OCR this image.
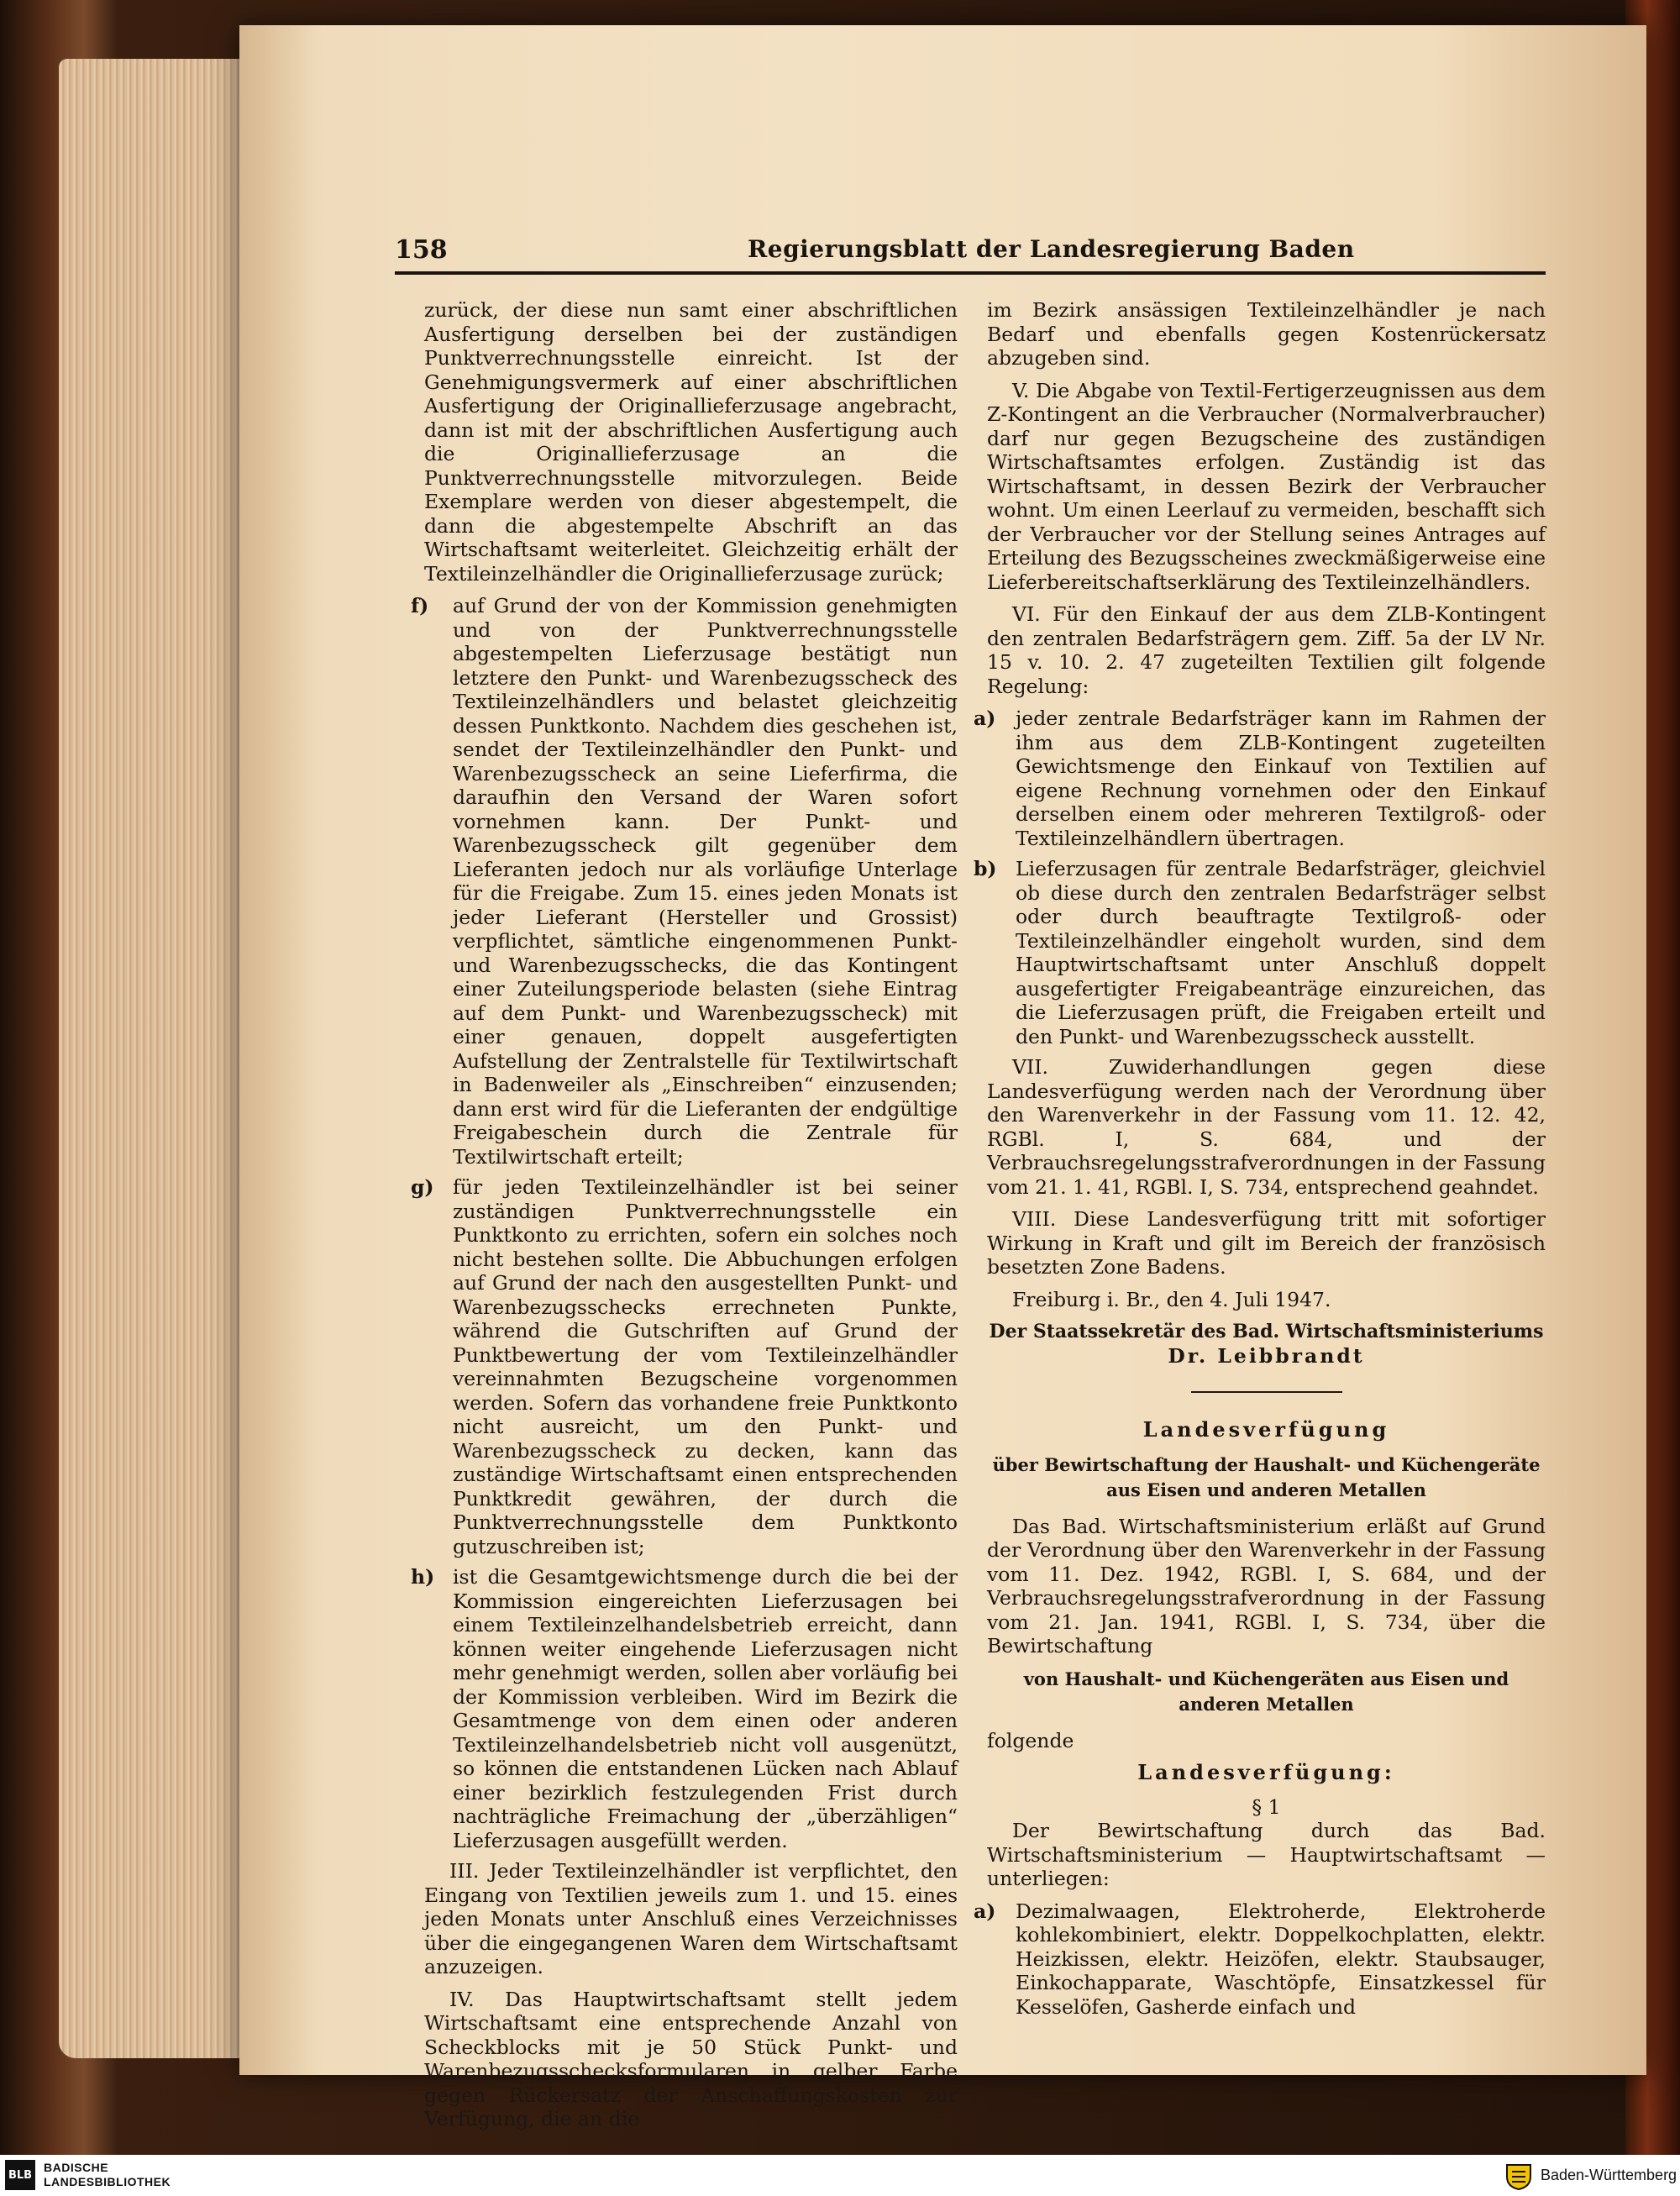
158	Regierungsblatt der Landesregierung Baden

zurück, der diese nun samt einer abschriftlichen Ausfertigung derselben bei der zuständigen Punktverrechnungsstelle einreicht. Ist der Genehmigungsvermerk auf einer abschriftlichen Ausfertigung der Originallieferzusage angebracht, dann ist mit der abschriftlichen Ausfertigung auch die Originallieferzusage an die Punktverrechnungsstelle mitvorzulegen. Beide Exemplare werden von dieser abgestempelt, die dann die abgestempelte Abschrift an das Wirtschaftsamt weiterleitet. Gleichzeitig erhält der Textileinzelhändler die Originallieferzusage zurück;

f) auf Grund der von der Kommission genehmigten und von der Punktverrechnungsstelle abgestempelten Lieferzusage bestätigt nun letztere den Punkt- und Warenbezugsscheck des Textileinzelhändlers und belastet gleichzeitig dessen Punktkonto. Nachdem dies geschehen ist, sendet der Textileinzelhändler den Punkt- und Warenbezugsscheck an seine Lieferfirma, die daraufhin den Versand der Waren sofort vornehmen kann. Der Punkt- und Warenbezugsscheck gilt gegenüber dem Lieferanten jedoch nur als vorläufige Unterlage für die Freigabe. Zum 15. eines jeden Monats ist jeder Lieferant (Hersteller und Grossist) verpflichtet, sämtliche eingenommenen Punkt- und Warenbezugsschecks, die das Kontingent einer Zuteilungsperiode belasten (siehe Eintrag auf dem Punkt- und Warenbezugsscheck) mit einer genauen, doppelt ausgefertigten Aufstellung der Zentralstelle für Textilwirtschaft in Badenweiler als „Einschreiben“ einzusenden; dann erst wird für die Lieferanten der endgültige Freigabeschein durch die Zentrale für Textilwirtschaft erteilt;
g) für jeden Textileinzelhändler ist bei seiner zuständigen Punktverrechnungsstelle ein Punktkonto zu errichten, sofern ein solches noch nicht bestehen sollte. Die Abbuchungen erfolgen auf Grund der nach den ausgestellten Punkt- und Warenbezugsschecks errechneten Punkte, während die Gutschriften auf Grund der Punktbewertung der vom Textileinzelhändler vereinnahmten Bezugscheine vorgenommen werden. Sofern das vorhandene freie Punktkonto nicht ausreicht, um den Punkt- und Warenbezugsscheck zu decken, kann das zuständige Wirtschaftsamt einen entsprechenden Punktkredit gewähren, der durch die Punktverrechnungsstelle dem Punktkonto gutzuschreiben ist;
h) ist die Gesamtgewichtsmenge durch die bei der Kommission eingereichten Lieferzusagen bei einem Textileinzelhandelsbetrieb erreicht, dann können weiter eingehende Lieferzusagen nicht mehr genehmigt werden, sollen aber vorläufig bei der Kommission verbleiben. Wird im Bezirk die Gesamtmenge von dem einen oder anderen Textileinzelhandelsbetrieb nicht voll ausgenützt, so können die entstandenen Lücken nach Ablauf einer bezirklich festzulegenden Frist durch nachträgliche Freimachung der „überzähligen“ Lieferzusagen ausgefüllt werden.

III. Jeder Textileinzelhändler ist verpflichtet, den Eingang von Textilien jeweils zum 1. und 15. eines jeden Monats unter Anschluß eines Verzeichnisses über die eingegangenen Waren dem Wirtschaftsamt anzuzeigen.

IV. Das Hauptwirtschaftsamt stellt jedem Wirtschaftsamt eine entsprechende Anzahl von Scheckblocks mit je 50 Stück Punkt- und Warenbezugsschecksformularen in gelber Farbe gegen Rückersatz der Anschaffungskosten zur Verfügung, die an die

im Bezirk ansässigen Textileinzelhändler je nach Bedarf und ebenfalls gegen Kostenrückersatz abzugeben sind.

V. Die Abgabe von Textil-Fertigerzeugnissen aus dem Z-Kontingent an die Verbraucher (Normalverbraucher) darf nur gegen Bezugscheine des zuständigen Wirtschaftsamtes erfolgen. Zuständig ist das Wirtschaftsamt, in dessen Bezirk der Verbraucher wohnt. Um einen Leerlauf zu vermeiden, beschafft sich der Verbraucher vor der Stellung seines Antrages auf Erteilung des Bezugsscheines zweckmäßigerweise eine Lieferbereitschaftserklärung des Textileinzelhändlers.

VI. Für den Einkauf der aus dem ZLB-Kontingent den zentralen Bedarfsträgern gem. Ziff. 5a der LV Nr. 15 v. 10. 2. 47 zugeteilten Textilien gilt folgende Regelung:

a) jeder zentrale Bedarfsträger kann im Rahmen der ihm aus dem ZLB-Kontingent zugeteilten Gewichtsmenge den Einkauf von Textilien auf eigene Rechnung vornehmen oder den Einkauf derselben einem oder mehreren Textilgroß- oder Textileinzelhändlern übertragen.
b) Lieferzusagen für zentrale Bedarfsträger, gleichviel ob diese durch den zentralen Bedarfsträger selbst oder durch beauftragte Textilgroß- oder Textileinzelhändler eingeholt wurden, sind dem Hauptwirtschaftsamt unter Anschluß doppelt ausgefertigter Freigabeanträge einzureichen, das die Lieferzusagen prüft, die Freigaben erteilt und den Punkt- und Warenbezugsscheck ausstellt.

VII. Zuwiderhandlungen gegen diese Landesverfügung werden nach der Verordnung über den Warenverkehr in der Fassung vom 11. 12. 42, RGBl. I, S. 684, und der Verbrauchsregelungsstrafverordnungen in der Fassung vom 21. 1. 41, RGBl. I, S. 734, entsprechend geahndet.

VIII. Diese Landesverfügung tritt mit sofortiger Wirkung in Kraft und gilt im Bereich der französisch besetzten Zone Badens.

Freiburg i. Br., den 4. Juli 1947.

Der Staatssekretär des Bad. Wirtschaftsministeriums
Dr. Leibbrandt
Landesverfügung
über Bewirtschaftung der Haushalt- und Küchengeräte aus Eisen und anderen Metallen

Das Bad. Wirtschaftsministerium erläßt auf Grund der Verordnung über den Warenverkehr in der Fassung vom 11. Dez. 1942, RGBl. I, S. 684, und der Verbrauchsregelungsstrafverordnung in der Fassung vom 21. Jan. 1941, RGBl. I, S. 734, über die Bewirtschaftung

von Haushalt- und Küchengeräten aus Eisen und anderen Metallen

folgende

Landesverfügung:
§ 1

Der Bewirtschaftung durch das Bad. Wirtschaftsministerium — Hauptwirtschaftsamt — unterliegen:

a) Dezimalwaagen, Elektroherde, Elektroherde kohlekombiniert, elektr. Doppelkochplatten, elektr. Heizkissen, elektr. Heizöfen, elektr. Staubsauger, Einkochapparate, Waschtöpfe, Einsatzkessel für Kesselöfen, Gasherde einfach und
BLB
BADISCHE
LANDESBIBLIOTHEK	Baden-Württemberg
